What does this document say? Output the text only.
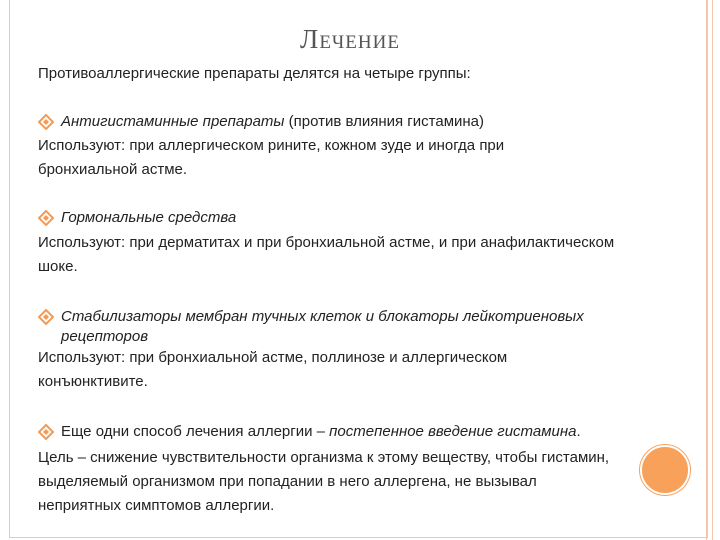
ЛЕЧЕНИЕ
Противоаллергические препараты делятся на четыре группы:
Антигистаминные препараты (против влияния гистамина)
Используют: при аллергическом рините, кожном зуде и иногда при
бронхиальной астме.
Гормональные средства
Используют: при дерматитах и при бронхиальной астме, и при анафилактическом
шоке.
Стабилизаторы мембран тучных клеток и блокаторы лейкотриеновых
рецепторов
Используют: при бронхиальной астме, поллинозе и аллергическом
конъюнктивите.
Еще одни способ лечения аллергии – постепенное введение гистамина.
Цель – снижение чувствительности организма к этому веществу, чтобы гистамин,
выделяемый организмом при попадании в него аллергена, не вызывал
неприятных симптомов аллергии.
